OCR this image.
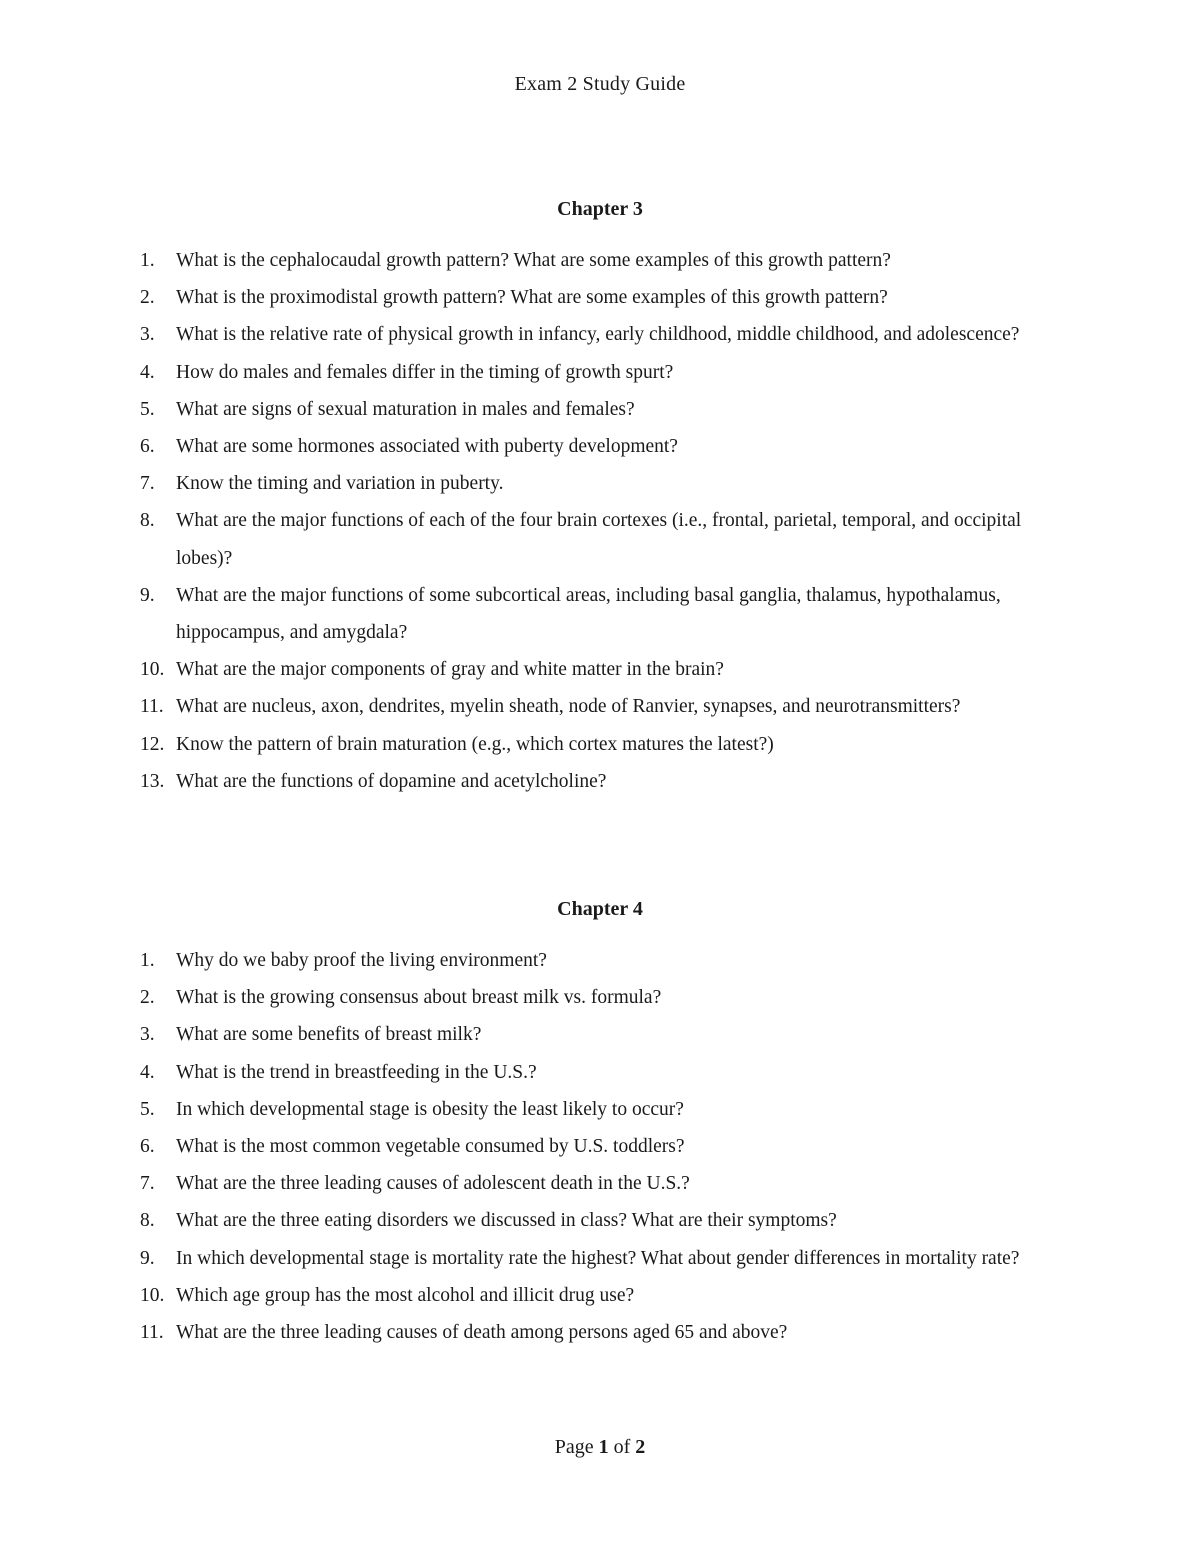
Exam 2 Study Guide
Chapter 3
1.	What is the cephalocaudal growth pattern? What are some examples of this growth pattern?
2.	What is the proximodistal growth pattern? What are some examples of this growth pattern?
3.	What is the relative rate of physical growth in infancy, early childhood, middle childhood, and adolescence?
4.	How do males and females differ in the timing of growth spurt?
5.	What are signs of sexual maturation in males and females?
6.	What are some hormones associated with puberty development?
7.	Know the timing and variation in puberty.
8.	What are the major functions of each of the four brain cortexes (i.e., frontal, parietal, temporal, and occipital lobes)?
9.	What are the major functions of some subcortical areas, including basal ganglia, thalamus, hypothalamus, hippocampus, and amygdala?
10. What are the major components of gray and white matter in the brain?
11. What are nucleus, axon, dendrites, myelin sheath, node of Ranvier, synapses, and neurotransmitters?
12. Know the pattern of brain maturation (e.g., which cortex matures the latest?)
13. What are the functions of dopamine and acetylcholine?
Chapter 4
1.	Why do we baby proof the living environment?
2.	What is the growing consensus about breast milk vs. formula?
3.	What are some benefits of breast milk?
4.	What is the trend in breastfeeding in the U.S.?
5.	In which developmental stage is obesity the least likely to occur?
6.	What is the most common vegetable consumed by U.S. toddlers?
7.	What are the three leading causes of adolescent death in the U.S.?
8.	What are the three eating disorders we discussed in class? What are their symptoms?
9.	In which developmental stage is mortality rate the highest? What about gender differences in mortality rate?
10. Which age group has the most alcohol and illicit drug use?
11. What are the three leading causes of death among persons aged 65 and above?
Page 1 of 2
